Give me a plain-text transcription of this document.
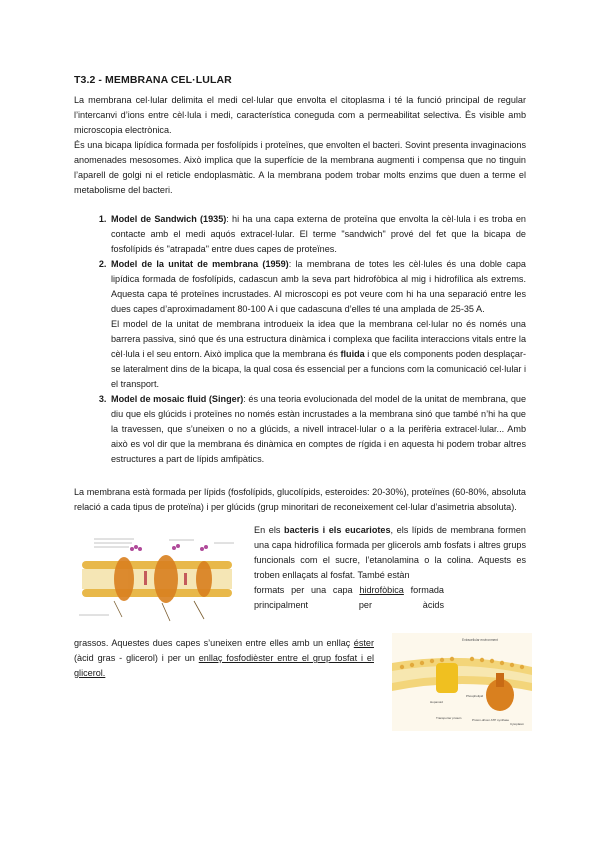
T3.2 - MEMBRANA CEL·LULAR

La membrana cel·lular delimita el medi cel·lular que envolta el citoplasma i té la funció principal de regular l’intercanvi d’ions entre cèl·lula i medi, característica coneguda com a permeabilitat selectiva. És visible amb microscopia electrònica.

És una bicapa lipídica formada per fosfolípids i proteïnes, que envolten el bacteri. Sovint presenta invaginacions anomenades mesosomes. Això implica que la superfície de la membrana augmenti i compensa que no tinguin l’aparell de golgi ni el reticle endoplasmàtic. A la membrana podem trobar molts enzims que duen a terme el metabolisme del bacteri.

1. Model de Sandwich (1935): hi ha una capa externa de proteïna que envolta la cèl·lula i es troba en contacte amb el medi aquós extracel·lular. El terme "sandwich" prové del fet que la bicapa de fosfolípids és "atrapada" entre dues capes de proteïnes.
2. Model de la unitat de membrana (1959): la membrana de totes les cèl·lules és una doble capa lipídica formada de fosfolípids, cadascun amb la seva part hidrofòbica al mig i hidrofílica als extrems. Aquesta capa té proteïnes incrustades. Al microscopi es pot veure com hi ha una separació entre les dues capes d’aproximadament 80-100 A i que cadascuna d’elles té una amplada de 25-35 A.
El model de la unitat de membrana introdueix la idea que la membrana cel·lular no és només una barrera passiva, sinó que és una estructura dinàmica i complexa que facilita interaccions vitals entre la cèl·lula i el seu entorn. Això implica que la membrana és fluida i que els components poden desplaçar-se lateralment dins de la bicapa, la qual cosa és essencial per a funcions com la comunicació cel·lular i el transport.
3. Model de mosaic fluid (Singer): és una teoria evolucionada del model de la unitat de membrana, que diu que els glúcids i proteïnes no només estàn incrustades a la membrana sinó que també n’hi ha que la travessen, que s’uneixen o no a glúcids, a nivell intracel·lular o a la perifèria extracel·lular... Amb això es vol dir que la membrana és dinàmica en comptes de rígida i en aquesta hi podem trobar altres estructures a part de lípids amfipàtics.

La membrana està formada per lípids (fosfolípids, glucolípids, esteroides: 20-30%), proteïnes (60-80%, absoluta relació a cada tipus de proteïna) i per glúcids (grup minoritari de reconeixement cel·lular d’asimetria absoluta).

En els bacteris i els eucariotes, els lípids de membrana formen una capa hidrofílica formada per glicerols amb fosfats i altres grups funcionals com el sucre, l’etanolamina o la colina. Aquests es troben enllaçats al fosfat. També estàn

formats per una capa hidrofòbica formada principalment per àcids

grassos. Aquestes dues capes s’uneixen entre elles amb un enllaç éster (àcid gras - glicerol) i per un enllaç fosfodièster entre el grup fosfat i el glicerol.

Extracellular environment
Hopanoid
Phospholipid
Transporter protein	Proton-driven ATP synthase
Cytoplasm
